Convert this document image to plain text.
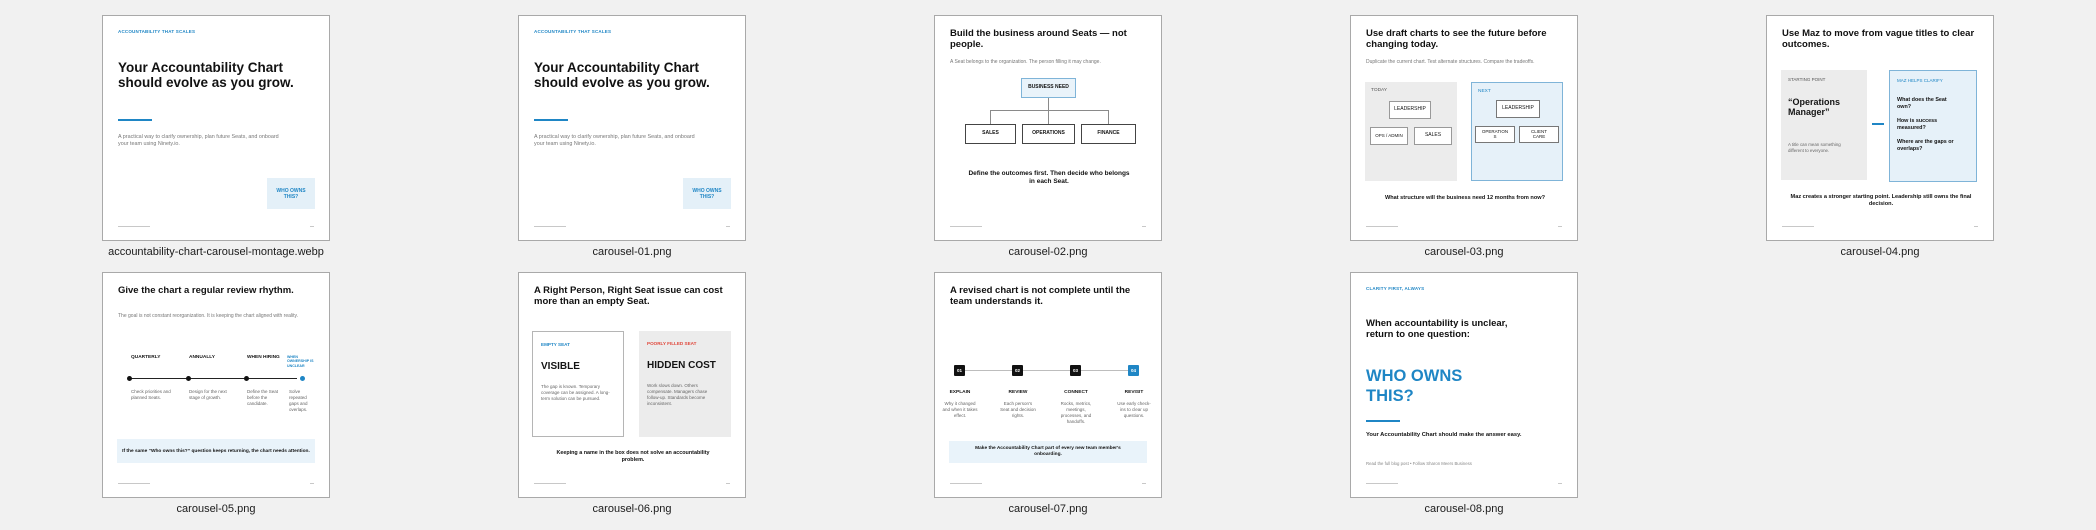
ACCOUNTABILITY THAT SCALES
Your Accountability Chart should evolve as you grow.
A practical way to clarify ownership, plan future Seats, and onboard your team using Ninety.io.
WHO OWNS THIS?
accountability-chart-carousel-montage.webp
ACCOUNTABILITY THAT SCALES
Your Accountability Chart should evolve as you grow.
A practical way to clarify ownership, plan future Seats, and onboard your team using Ninety.io.
WHO OWNS THIS?
carousel-01.png
Build the business around Seats — not people.
A Seat belongs to the organization. The person filling it may change.
BUSINESS NEED
SALES	OPERATIONS	FINANCE
Define the outcomes first. Then decide who belongs in each Seat.
carousel-02.png
Use draft charts to see the future before changing today.
Duplicate the current chart. Test alternate structures. Compare the tradeoffs.
TODAY
LEADERSHIP
OPS / ADMIN	SALES
NEXT
LEADERSHIP
OPERATION S
CLIENT CARE
What structure will the business need 12 months from now?
carousel-03.png
Use Maz to move from vague titles to clear outcomes.
STARTING POINT
“Operations Manager”
A title can mean something different to everyone.
MAZ HELPS CLARIFY
What does the Seat own?
How is success measured?
Where are the gaps or overlaps?
Maz creates a stronger starting point. Leadership still owns the final decision.
carousel-04.png
Give the chart a regular review rhythm.
The goal is not constant reorganization. It is keeping the chart aligned with reality.
QUARTERLY	ANNUALLY	WHEN HIRING WHEN OWNERSHIP IS UNCLEAR
Check priorities and planned Seats.
Design for the next stage of growth.
Define the Seat before the candidate.
Solve repeated gaps and overlaps.
If the same “Who owns this?” question keeps returning, the chart needs attention.
carousel-05.png
A Right Person, Right Seat issue can cost more than an empty Seat.
EMPTY SEAT
VISIBLE
The gap is known. Temporary coverage can be assigned. A long-term solution can be pursued.
POORLY FILLED SEAT
HIDDEN COST
Work slows down. Others compensate. Managers chase follow-up. Standards become inconsistent.
Keeping a name in the box does not solve an accountability problem.
carousel-06.png
A revised chart is not complete until the team understands it.
01	02	03	04
EXPLAIN	REVIEW	CONNECT	REVISIT
Why it changed and when it takes effect.
Each person's Seat and decision rights.
Rocks, metrics, meetings, processes, and handoffs.
Use early check-ins to clear up questions.
Make the Accountability Chart part of every new team member's onboarding.
carousel-07.png
CLARITY FIRST, ALWAYS
When accountability is unclear, return to one question:
WHO OWNS THIS?
Your Accountability Chart should make the answer easy.
Read the full blog post • Follow Sharon Meers Business
carousel-08.png
